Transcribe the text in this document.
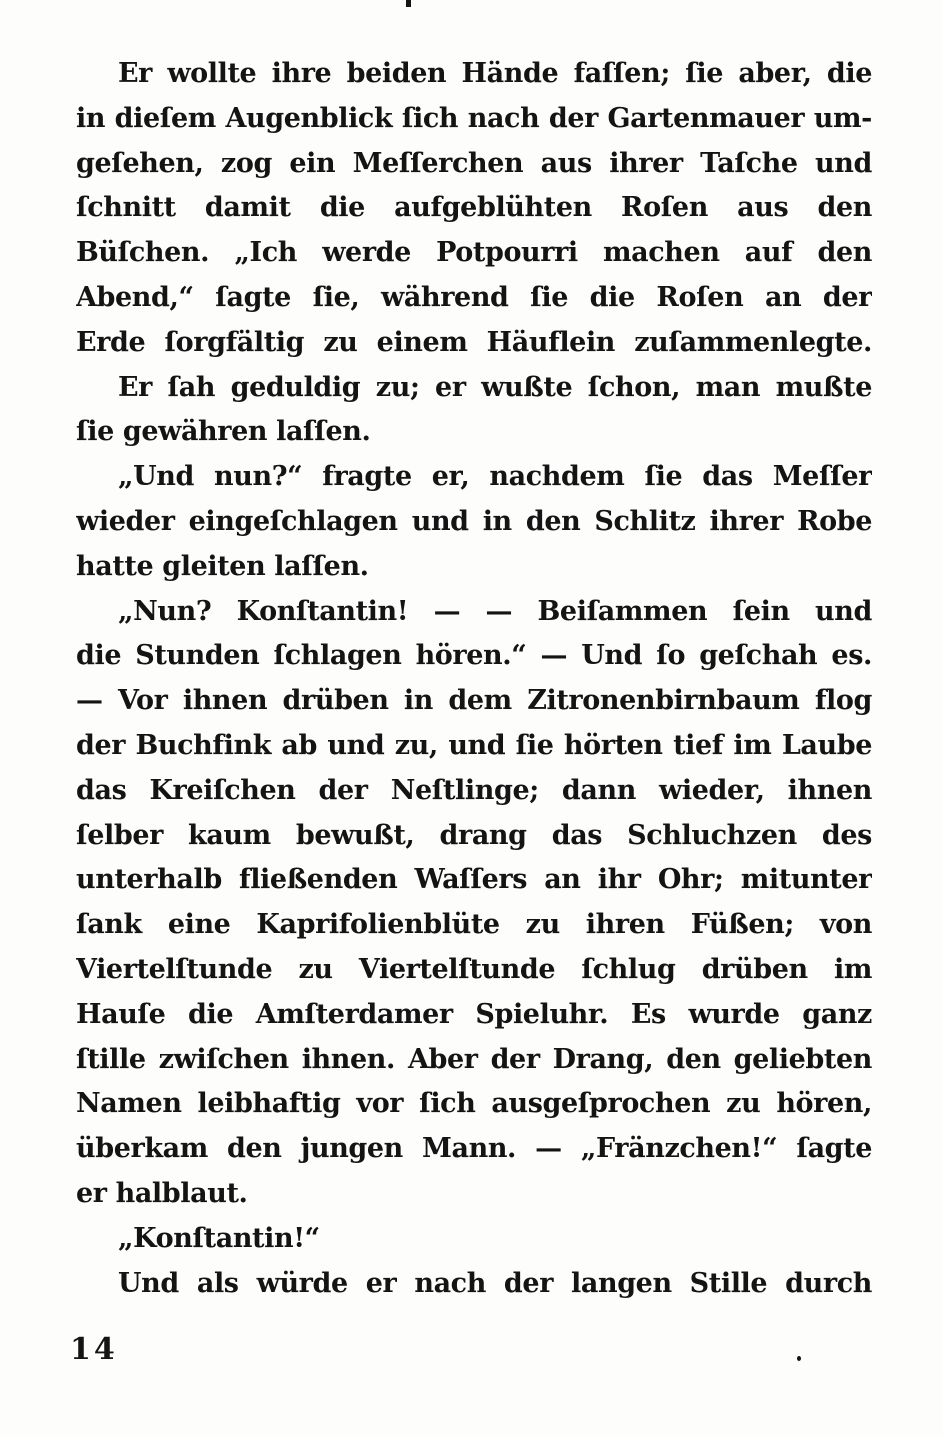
Er wollte ihre beiden Hände faſſen; ſie aber, die
in dieſem Augenblick ſich nach der Gartenmauer um-
geſehen, zog ein Meſſerchen aus ihrer Taſche und
ſchnitt damit die aufgeblühten Roſen aus den
Büſchen. „Ich werde Potpourri machen auf den
Abend,“ ſagte ſie, während ſie die Roſen an der
Erde ſorgfältig zu einem Häuflein zuſammenlegte.
Er ſah geduldig zu; er wußte ſchon, man mußte
ſie gewähren laſſen.
„Und nun?“ fragte er, nachdem ſie das Meſſer
wieder eingeſchlagen und in den Schlitz ihrer Robe
hatte gleiten laſſen.
„Nun? Konſtantin! — — Beiſammen ſein und
die Stunden ſchlagen hören.“ — Und ſo geſchah es.
— Vor ihnen drüben in dem Zitronenbirnbaum flog
der Buchfink ab und zu, und ſie hörten tief im Laube
das Kreiſchen der Neſtlinge; dann wieder, ihnen
ſelber kaum bewußt, drang das Schluchzen des
unterhalb fließenden Waſſers an ihr Ohr; mitunter
ſank eine Kaprifolienblüte zu ihren Füßen; von
Viertelſtunde zu Viertelſtunde ſchlug drüben im
Hauſe die Amſterdamer Spieluhr. Es wurde ganz
ſtille zwiſchen ihnen. Aber der Drang, den geliebten
Namen leibhaftig vor ſich ausgeſprochen zu hören,
überkam den jungen Mann. — „Fränzchen!“ ſagte
er halblaut.
„Konſtantin!“
Und als würde er nach der langen Stille durch
14
